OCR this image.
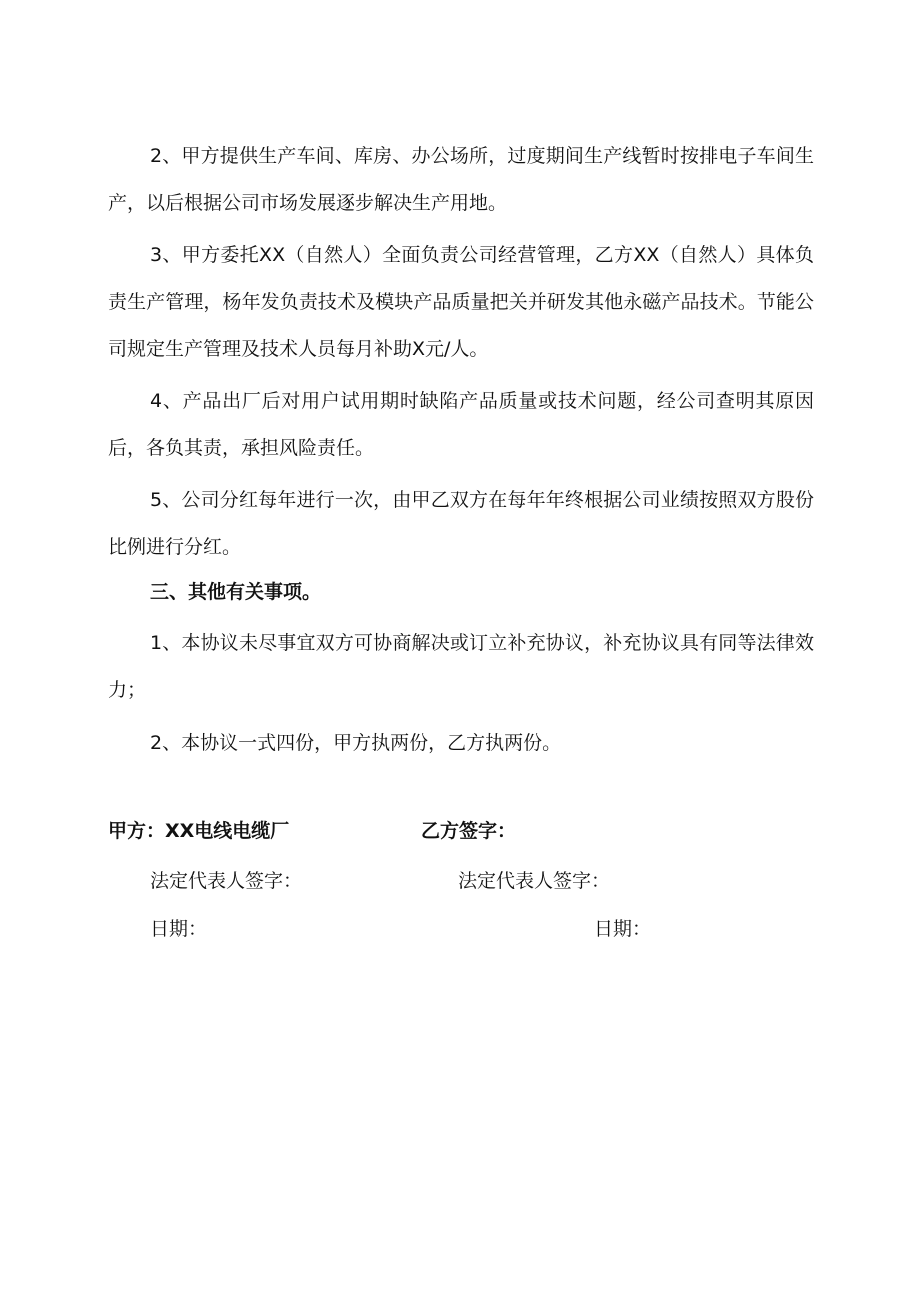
2、甲方提供生产车间、库房、办公场所，过度期间生产线暂时按排电子车间生产，以后根据公司市场发展逐步解决生产用地。

3、甲方委托XX（自然人）全面负责公司经营管理，乙方XX（自然人）具体负责生产管理，杨年发负责技术及模块产品质量把关并研发其他永磁产品技术。节能公司规定生产管理及技术人员每月补助X元/人。

4、产品出厂后对用户试用期时缺陷产品质量或技术问题，经公司查明其原因后，各负其责，承担风险责任。

5、公司分红每年进行一次，由甲乙双方在每年年终根据公司业绩按照双方股份比例进行分红。

三、其他有关事项。

1、本协议未尽事宜双方可协商解决或订立补充协议，补充协议具有同等法律效力；

2、本协议一式四份，甲方执两份，乙方执两份。

甲方：XX电线电缆厂	乙方签字：

法定代表人签字：	法定代表人签字：

日期：	日期：
